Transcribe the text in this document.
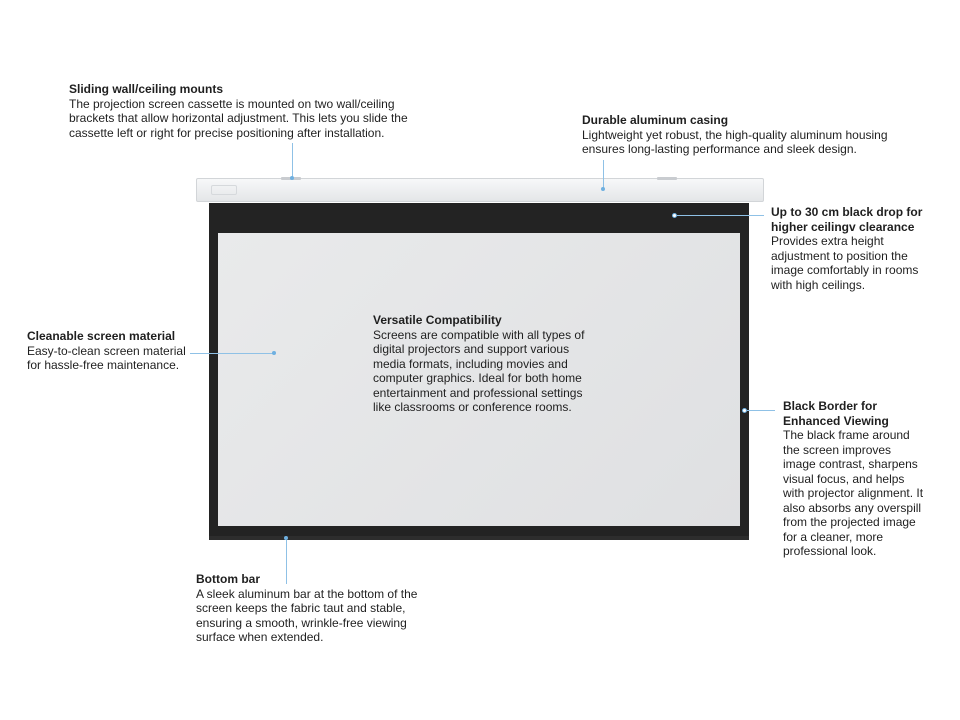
Sliding wall/ceiling mounts
The projection screen cassette is mounted on two wall/ceiling
brackets that allow horizontal adjustment. This lets you slide the
cassette left or right for precise positioning after installation.
Durable aluminum casing
Lightweight yet robust, the high-quality aluminum housing
ensures long-lasting performance and sleek design.
Up to 30 cm black drop for
higher ceilingv clearance
Provides extra height
adjustment to position the
image comfortably in rooms
with high ceilings.
Cleanable screen material
Easy-to-clean screen material
for hassle-free maintenance.
Versatile Compatibility
Screens are compatible with all types of
digital projectors and support various
media formats, including movies and
computer graphics. Ideal for both home
entertainment and professional settings
like classrooms or conference rooms.	Black Border for
Enhanced Viewing
The black frame around
the screen improves
image contrast, sharpens
visual focus, and helps
with projector alignment. It
also absorbs any overspill
from the projected image
for a cleaner, more
professional look.
Bottom bar
A sleek aluminum bar at the bottom of the
screen keeps the fabric taut and stable,
ensuring a smooth, wrinkle-free viewing
surface when extended.
